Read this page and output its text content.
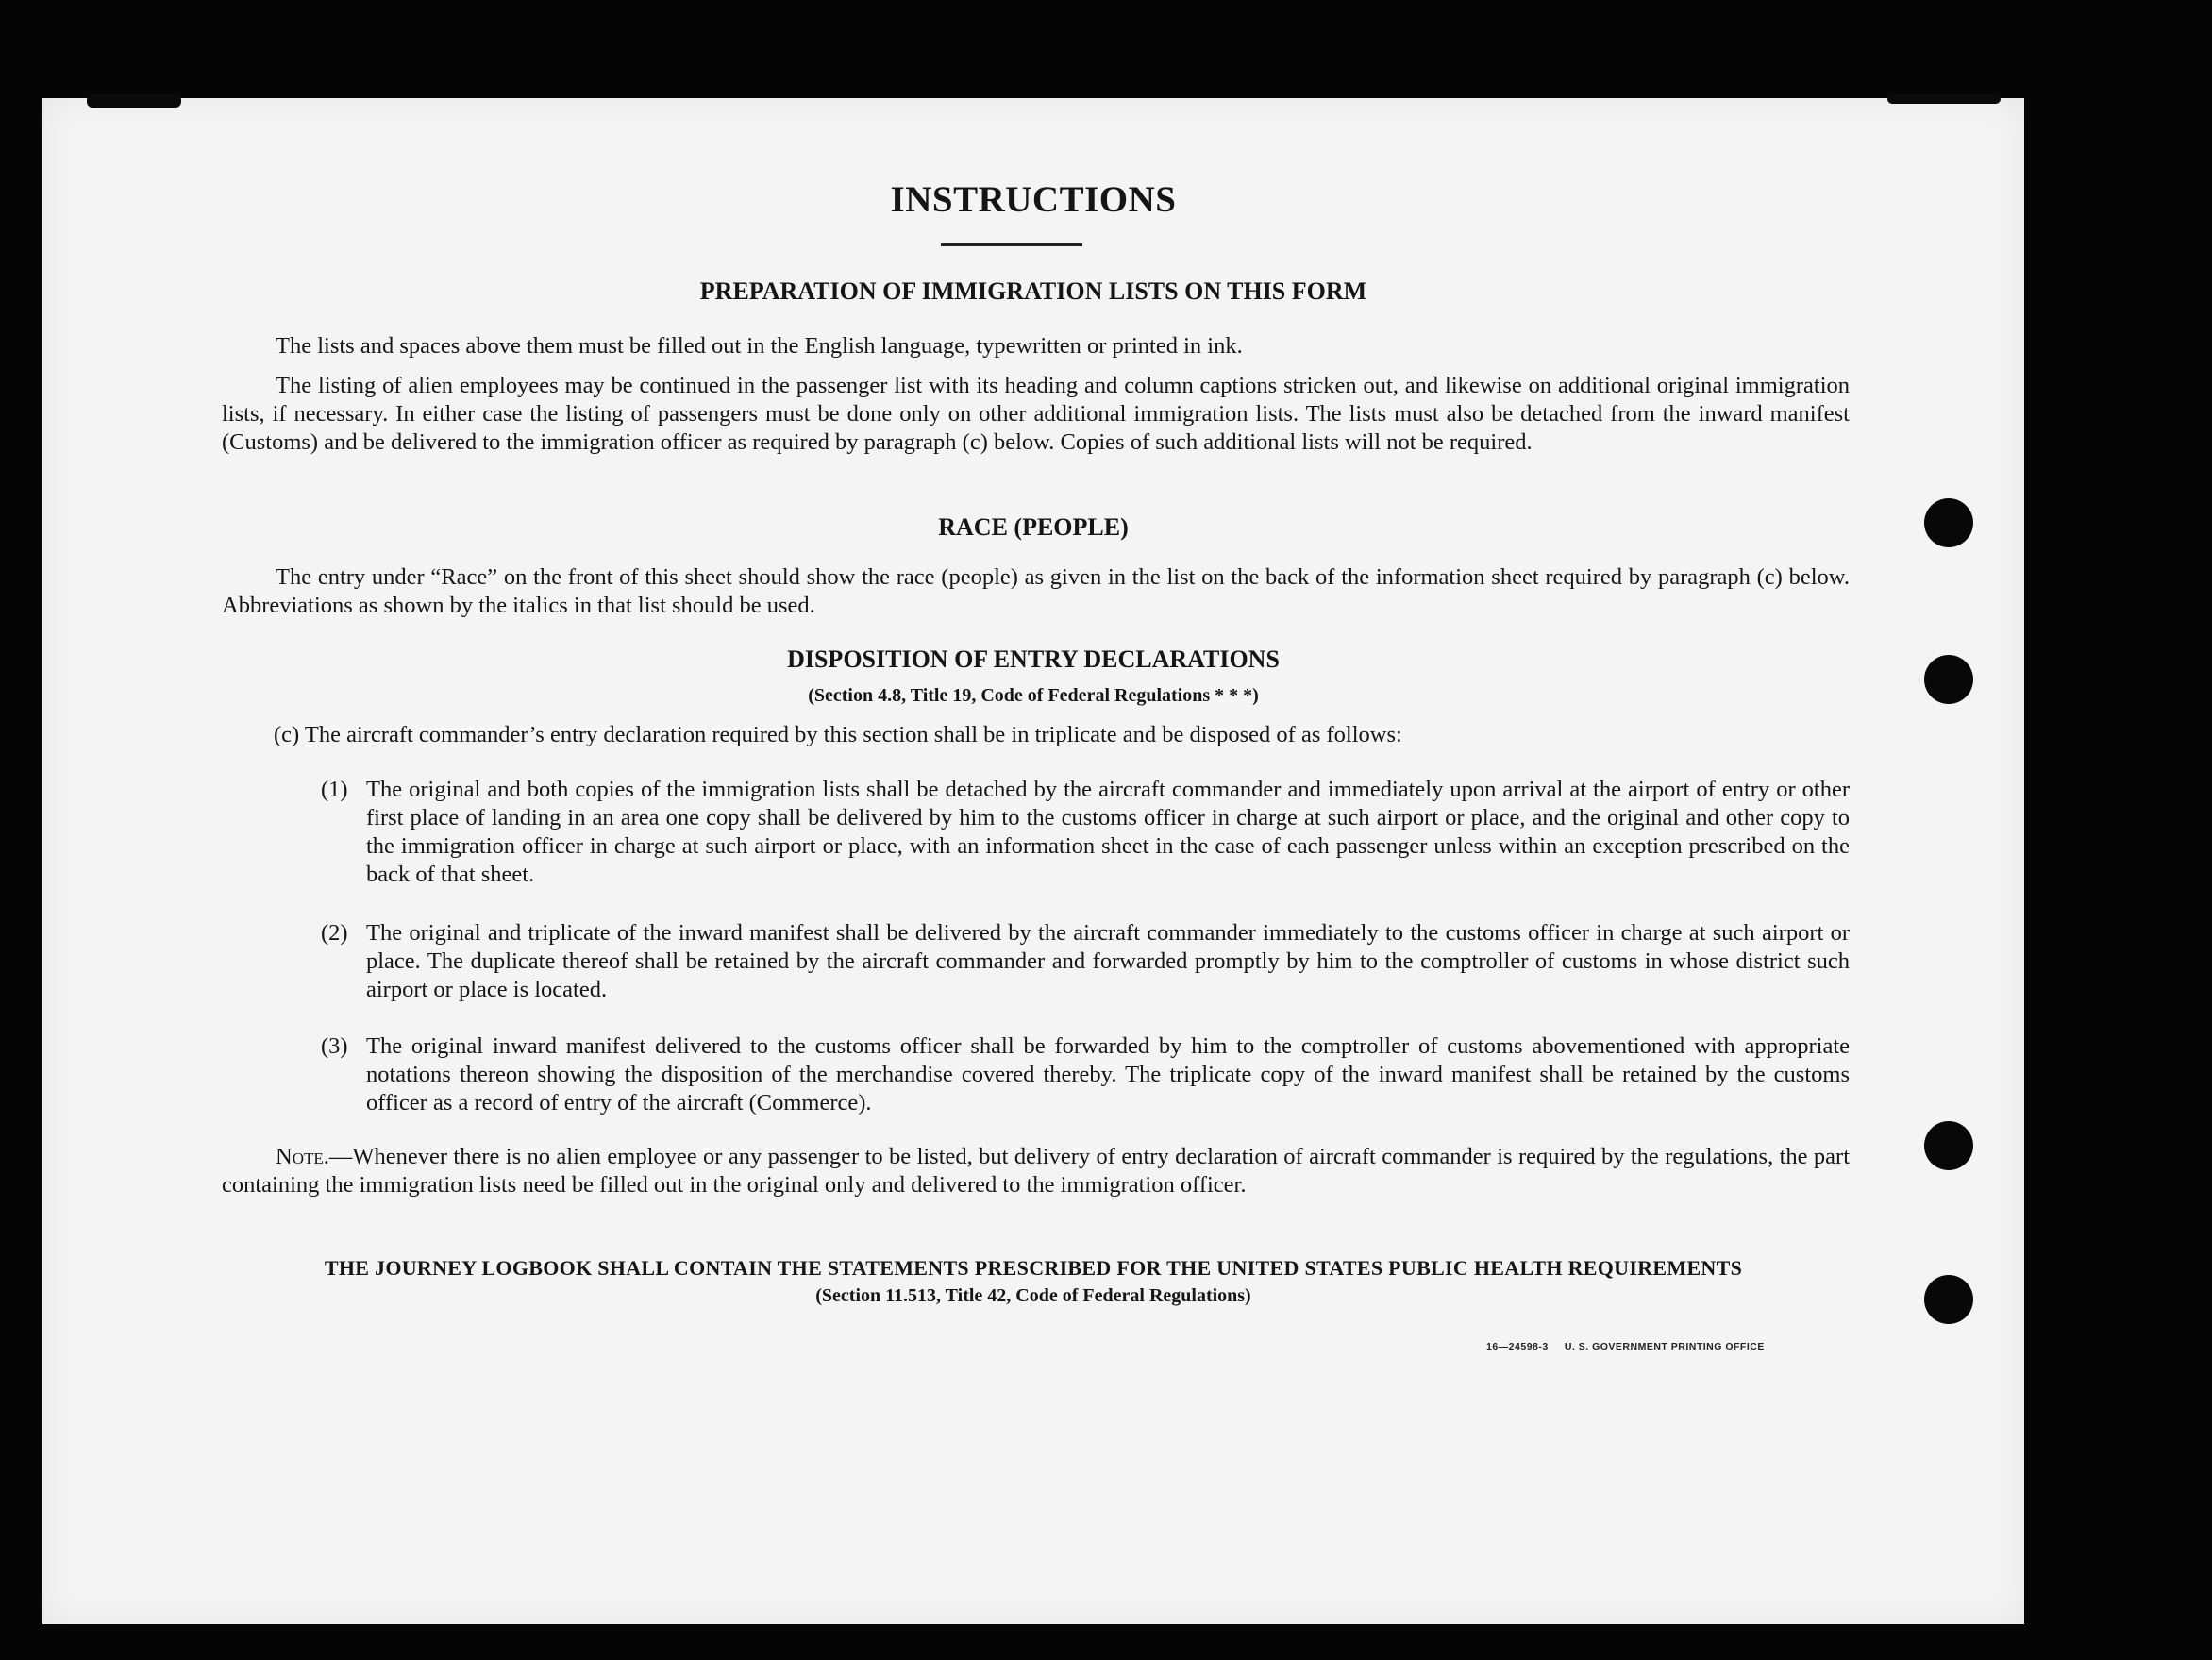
INSTRUCTIONS
PREPARATION OF IMMIGRATION LISTS ON THIS FORM
The lists and spaces above them must be filled out in the English language, typewritten or printed in ink.
The listing of alien employees may be continued in the passenger list with its heading and column captions stricken out, and likewise on additional original immigration lists, if necessary. In either case the listing of passengers must be done only on other additional immigration lists. The lists must also be detached from the inward manifest (Customs) and be delivered to the immigration officer as required by paragraph (c) below. Copies of such additional lists will not be required.
RACE (PEOPLE)
The entry under “Race” on the front of this sheet should show the race (people) as given in the list on the back of the information sheet required by paragraph (c) below. Abbreviations as shown by the italics in that list should be used.
DISPOSITION OF ENTRY DECLARATIONS
(Section 4.8, Title 19, Code of Federal Regulations * * *)
(c) The aircraft commander’s entry declaration required by this section shall be in triplicate and be disposed of as follows:
(1) The original and both copies of the immigration lists shall be detached by the aircraft commander and immediately upon arrival at the airport of entry or other first place of landing in an area one copy shall be delivered by him to the customs officer in charge at such airport or place, and the original and other copy to the immigration officer in charge at such airport or place, with an information sheet in the case of each passenger unless within an exception prescribed on the back of that sheet.
(2) The original and triplicate of the inward manifest shall be delivered by the aircraft commander immediately to the customs officer in charge at such airport or place. The duplicate thereof shall be retained by the aircraft commander and forwarded promptly by him to the comptroller of customs in whose district such airport or place is located.
(3) The original inward manifest delivered to the customs officer shall be forwarded by him to the comptroller of customs abovementioned with appropriate notations thereon showing the disposition of the merchandise covered thereby. The triplicate copy of the inward manifest shall be retained by the customs officer as a record of entry of the aircraft (Commerce).
Note.—Whenever there is no alien employee or any passenger to be listed, but delivery of entry declaration of aircraft commander is required by the regulations, the part containing the immigration lists need be filled out in the original only and delivered to the immigration officer.
THE JOURNEY LOGBOOK SHALL CONTAIN THE STATEMENTS PRESCRIBED FOR THE UNITED STATES PUBLIC HEALTH REQUIREMENTS
(Section 11.513, Title 42, Code of Federal Regulations)
16—24598-3 U. S. GOVERNMENT PRINTING OFFICE
